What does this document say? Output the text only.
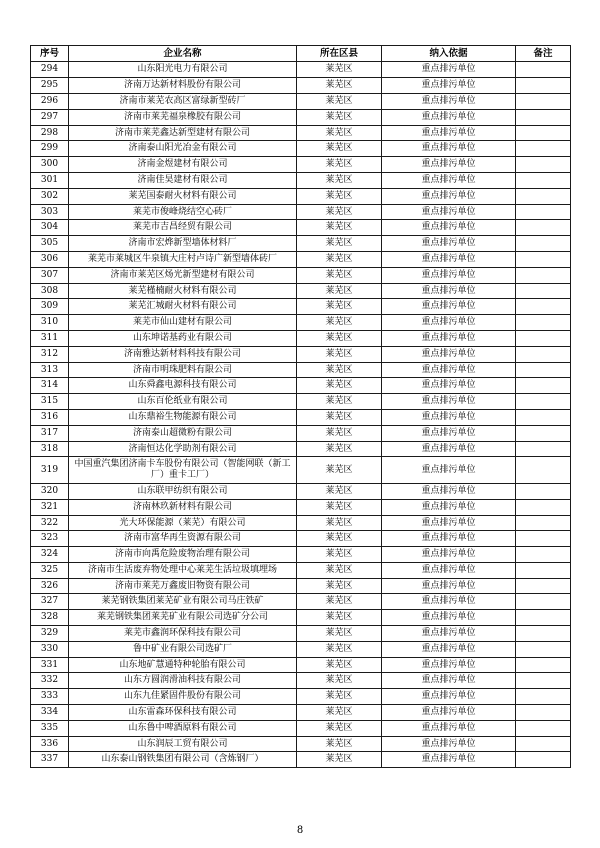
序号	企业名称	所在区县	纳入依据	备注
294	山东阳光电力有限公司	莱芜区	重点排污单位	
295	济南万达新材料股份有限公司	莱芜区	重点排污单位	
296	济南市莱芜农高区富绿新型砖厂	莱芜区	重点排污单位	
297	济南市莱芜福泉橡胶有限公司	莱芜区	重点排污单位	
298	济南市莱芜鑫达新型建材有限公司	莱芜区	重点排污单位	
299	济南泰山阳光冶金有限公司	莱芜区	重点排污单位	
300	济南金煜建材有限公司	莱芜区	重点排污单位	
301	济南佳昊建材有限公司	莱芜区	重点排污单位	
302	莱芜国泰耐火材料有限公司	莱芜区	重点排污单位	
303	莱芜市俊峰烧结空心砖厂	莱芜区	重点排污单位	
304	莱芜市吉昌经贸有限公司	莱芜区	重点排污单位	
305	济南市宏烨新型墙体材料厂	莱芜区	重点排污单位	
306	莱芜市莱城区牛泉镇大庄村卢诗广新型墙体砖厂	莱芜区	重点排污单位	
307	济南市莱芜区炀光新型建材有限公司	莱芜区	重点排污单位	
308	莱芜槿楠耐火材料有限公司	莱芜区	重点排污单位	
309	莱芜汇城耐火材料有限公司	莱芜区	重点排污单位	
310	莱芜市仙山建材有限公司	莱芜区	重点排污单位	
311	山东坤诺基药业有限公司	莱芜区	重点排污单位	
312	济南雅达新材料科技有限公司	莱芜区	重点排污单位	
313	济南市明珠肥料有限公司	莱芜区	重点排污单位	
314	山东舜鑫电源科技有限公司	莱芜区	重点排污单位	
315	山东百伦纸业有限公司	莱芜区	重点排污单位	
316	山东鼎裕生物能源有限公司	莱芜区	重点排污单位	
317	济南泰山超微粉有限公司	莱芜区	重点排污单位	
318	济南恒达化学助剂有限公司	莱芜区	重点排污单位	
319	中国重汽集团济南卡车股份有限公司（智能网联（新工厂）重卡工厂）	莱芜区	重点排污单位	
320	山东联甲纺织有限公司	莱芜区	重点排污单位	
321	济南林玖新材料有限公司	莱芜区	重点排污单位	
322	光大环保能源（莱芜）有限公司	莱芜区	重点排污单位	
323	济南市富华再生资源有限公司	莱芜区	重点排污单位	
324	济南市向禹危险废物治理有限公司	莱芜区	重点排污单位	
325	济南市生活废弃物处理中心莱芜生活垃圾填埋场	莱芜区	重点排污单位	
326	济南市莱芜万鑫废旧物资有限公司	莱芜区	重点排污单位	
327	莱芜钢铁集团莱芜矿业有限公司马庄铁矿	莱芜区	重点排污单位	
328	莱芜钢铁集团莱芜矿业有限公司选矿分公司	莱芜区	重点排污单位	
329	莱芜市鑫润环保科技有限公司	莱芜区	重点排污单位	
330	鲁中矿业有限公司选矿厂	莱芜区	重点排污单位	
331	山东地矿慧通特种轮胎有限公司	莱芜区	重点排污单位	
332	山东方圆润滑油科技有限公司	莱芜区	重点排污单位	
333	山东九佳紧固件股份有限公司	莱芜区	重点排污单位	
334	山东雷森环保科技有限公司	莱芜区	重点排污单位	
335	山东鲁中啤酒原料有限公司	莱芜区	重点排污单位	
336	山东润辰工贸有限公司	莱芜区	重点排污单位	
337	山东泰山钢铁集团有限公司（含炼钢厂）	莱芜区	重点排污单位	
8
